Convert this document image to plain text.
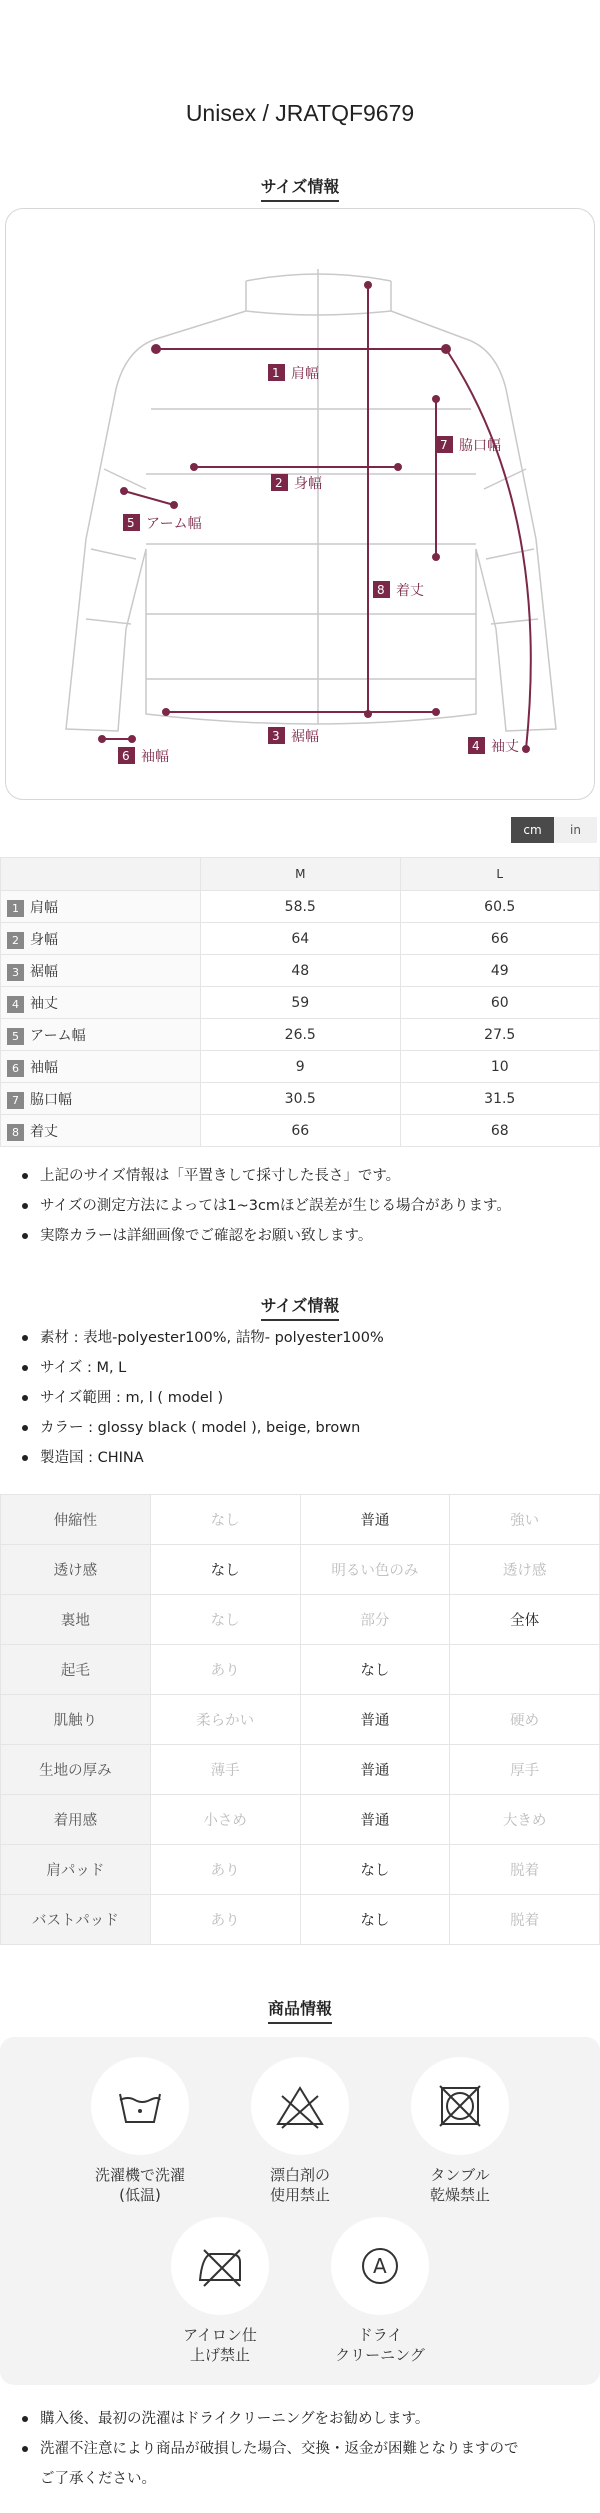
Unisex / JRATQF9679
サイズ情報
1 肩幅
2 身幅
3 裾幅
4 袖丈
5 アーム幅
6 袖幅
7 脇口幅
8 着丈
cm	in
	M	L
1 肩幅	58.5	60.5
2 身幅	64	66
3 裾幅	48	49
4 袖丈	59	60
5 アーム幅	26.5	27.5
6 袖幅	9	10
7 脇口幅	30.5	31.5
8 着丈	66	68
上記のサイズ情報は「平置きして採寸した長さ」です。
サイズの測定方法によっては1~3cmほど誤差が生じる場合があります。
実際カラーは詳細画像でご確認をお願い致します。
サイズ情報
素材 : 表地-polyester100%, 詰物- polyester100%
サイズ : M, L
サイズ範囲 : m, l ( model )
カラー : glossy black ( model ), beige, brown
製造国 : CHINA
伸縮性	なし	普通	強い
透け感	なし	明るい色のみ	透け感
裏地	なし	部分	全体
起毛	あり	なし	
肌触り	柔らかい	普通	硬め
生地の厚み	薄手	普通	厚手
着用感	小さめ	普通	大きめ
肩パッド	あり	なし	脱着
バストパッド	あり	なし	脱着
商品情報
洗濯機で洗濯
(低温)
漂白剤の
使用禁止
タンブル
乾燥禁止
アイロン仕
上げ禁止
A
ドライ
クリーニング
購入後、最初の洗濯はドライクリーニングをお勧めします。
洗濯不注意により商品が破損した場合、交換・返金が困難となりますので
ご了承ください。
